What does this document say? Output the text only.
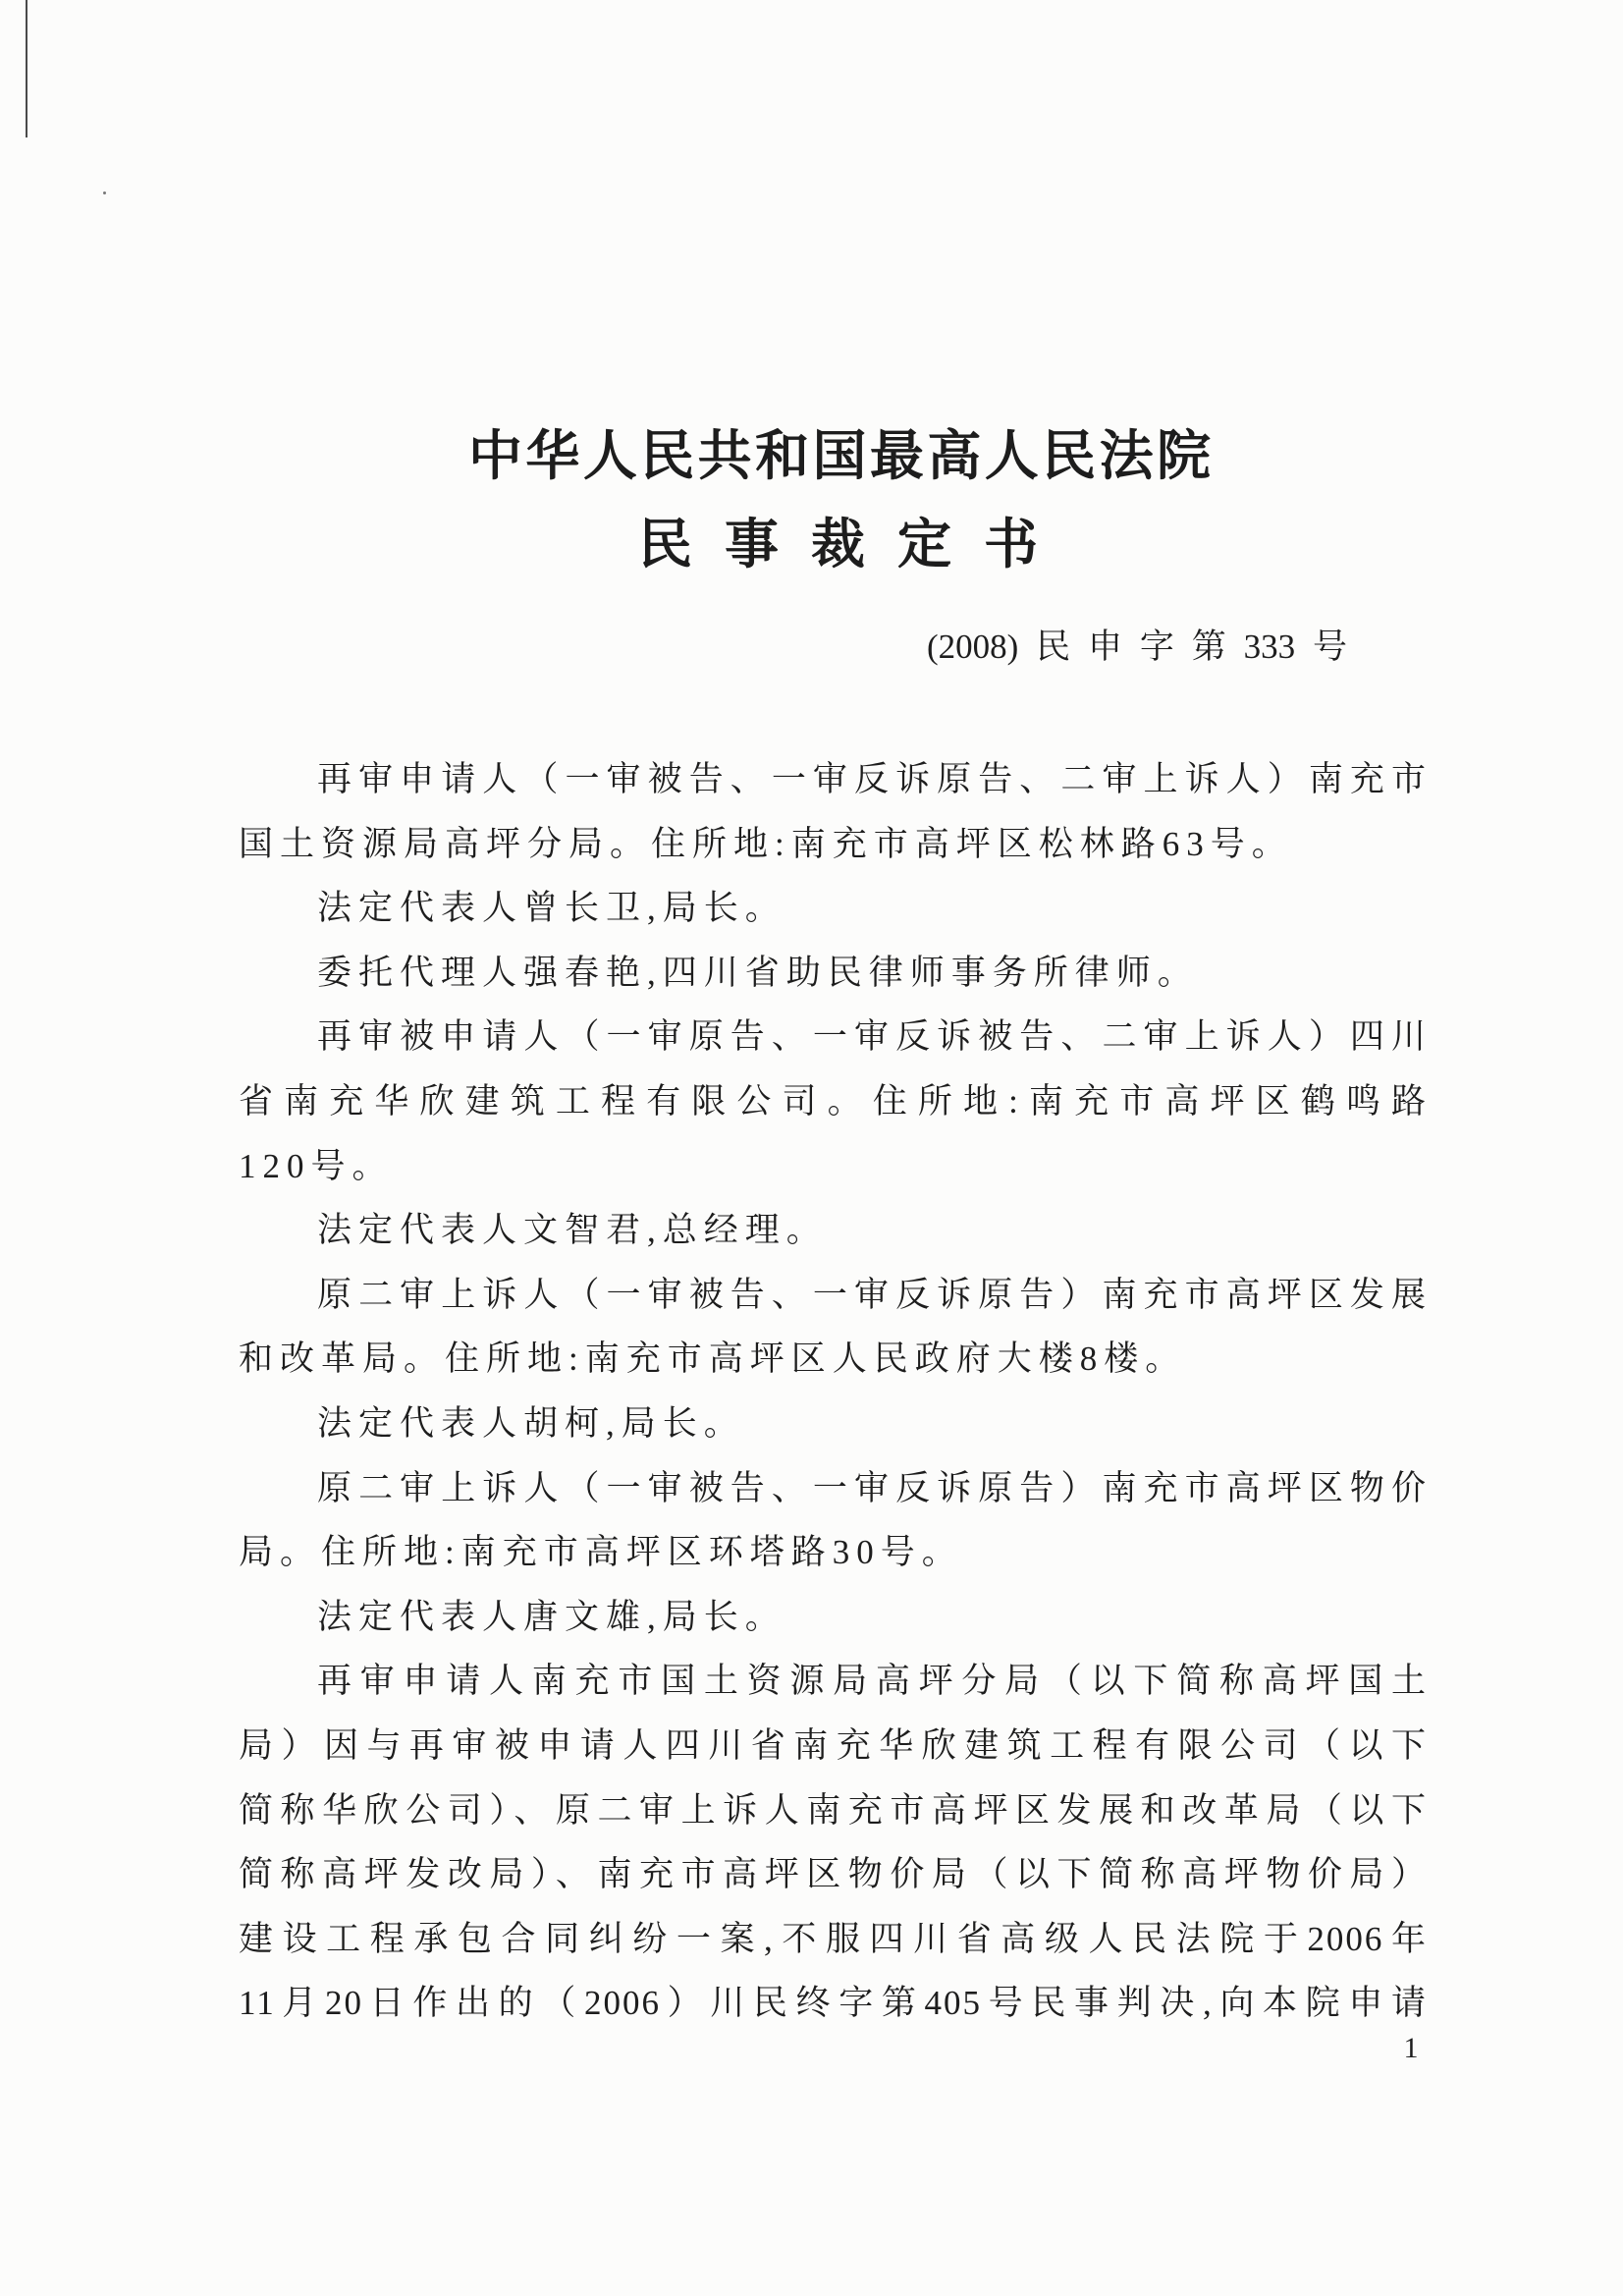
中华人民共和国最高人民法院
民事裁定书
(2008)民申字第333号
再审申请人（一审被告、一审反诉原告、二审上诉人）南充市
国土资源局高坪分局。住所地:南充市高坪区松林路63号。
法定代表人曾长卫,局长。
委托代理人强春艳,四川省助民律师事务所律师。
再审被申请人（一审原告、一审反诉被告、二审上诉人）四川
省南充华欣建筑工程有限公司。住所地:南充市高坪区鹤鸣路
120号。
法定代表人文智君,总经理。
原二审上诉人（一审被告、一审反诉原告）南充市高坪区发展
和改革局。住所地:南充市高坪区人民政府大楼8楼。
法定代表人胡柯,局长。
原二审上诉人（一审被告、一审反诉原告）南充市高坪区物价
局。住所地:南充市高坪区环塔路30号。
法定代表人唐文雄,局长。
再审申请人南充市国土资源局高坪分局（以下简称高坪国土
局）因与再审被申请人四川省南充华欣建筑工程有限公司（以下
简称华欣公司）、原二审上诉人南充市高坪区发展和改革局（以下
简称高坪发改局）、南充市高坪区物价局（以下简称高坪物价局）
建设工程承包合同纠纷一案,不服四川省高级人民法院于2006年
11月20日作出的（2006）川民终字第405号民事判决,向本院申请
1
